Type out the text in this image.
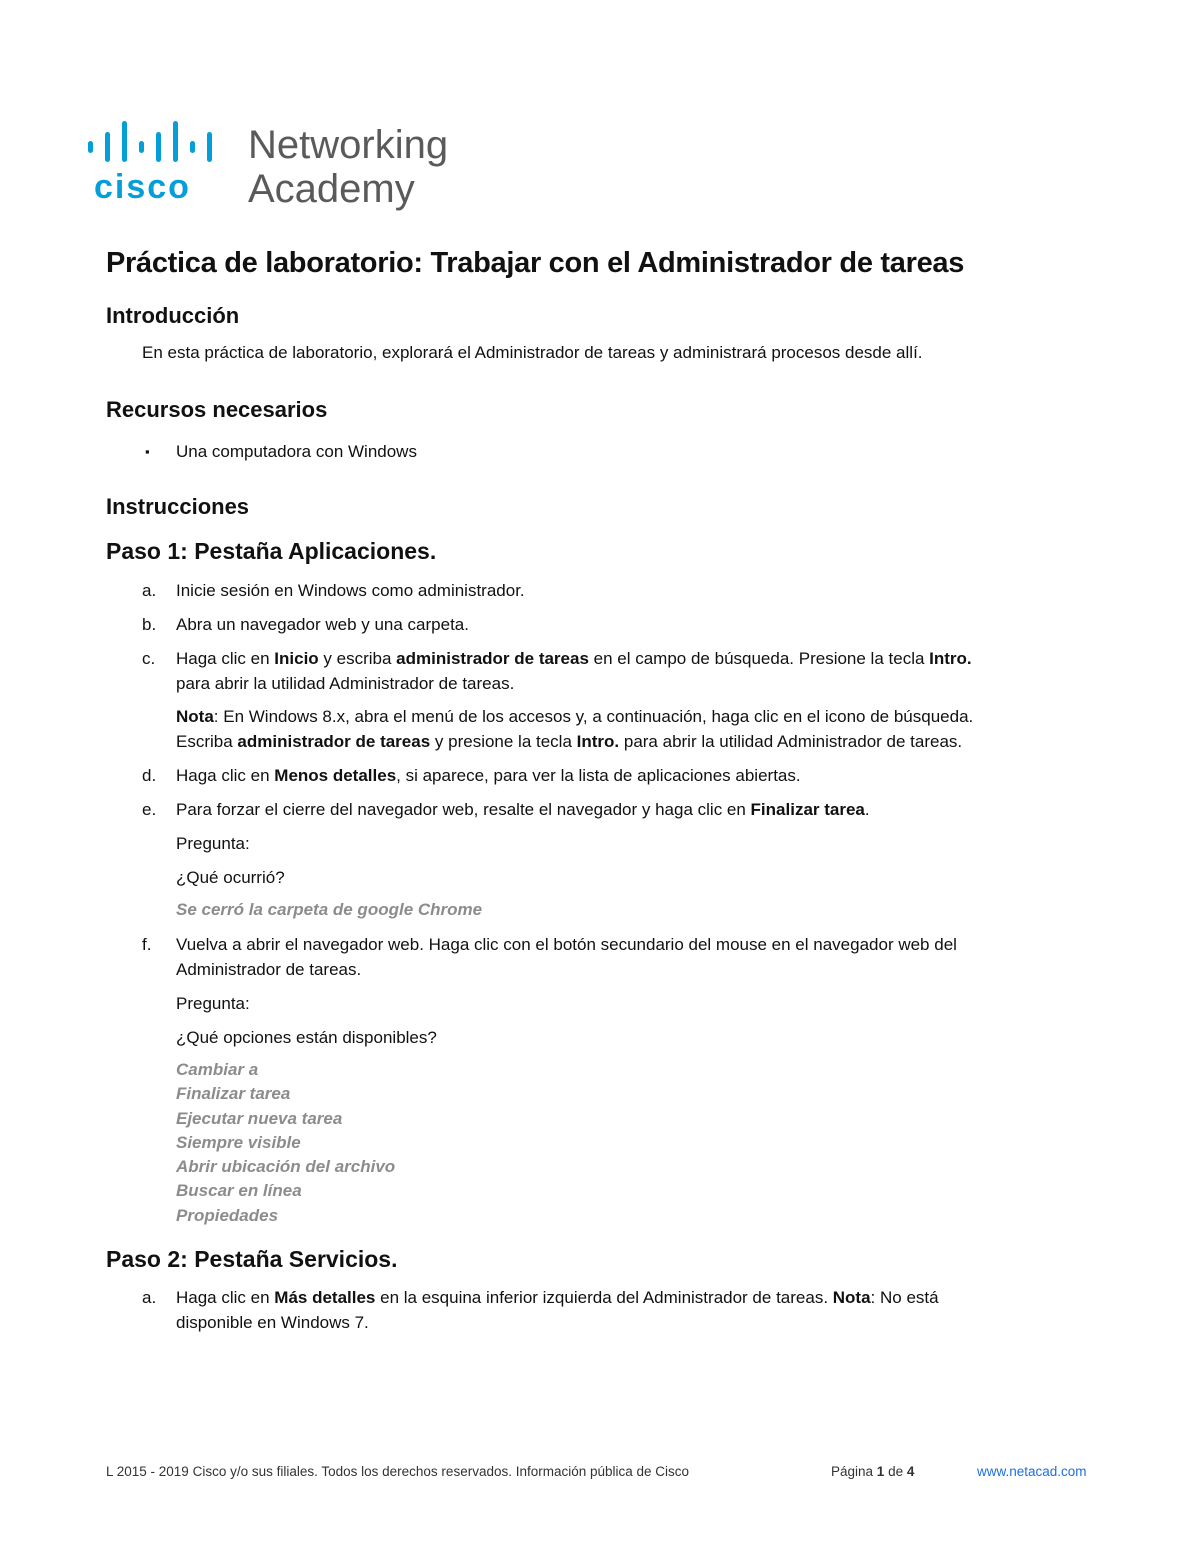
cisco
Networking
Academy
Práctica de laboratorio: Trabajar con el Administrador de tareas
Introducción
En esta práctica de laboratorio, explorará el Administrador de tareas y administrará procesos desde allí.
Recursos necesarios
▪ Una computadora con Windows
Instrucciones
Paso 1: Pestaña Aplicaciones.
a. Inicie sesión en Windows como administrador.
b. Abra un navegador web y una carpeta.
c. Haga clic en Inicio y escriba administrador de tareas en el campo de búsqueda. Presione la tecla Intro.
para abrir la utilidad Administrador de tareas.
Nota: En Windows 8.x, abra el menú de los accesos y, a continuación, haga clic en el icono de búsqueda.
Escriba administrador de tareas y presione la tecla Intro. para abrir la utilidad Administrador de tareas.
d. Haga clic en Menos detalles, si aparece, para ver la lista de aplicaciones abiertas.
e. Para forzar el cierre del navegador web, resalte el navegador y haga clic en Finalizar tarea.
Pregunta:
¿Qué ocurrió?
Se cerró la carpeta de google Chrome
f. Vuelva a abrir el navegador web. Haga clic con el botón secundario del mouse en el navegador web del
Administrador de tareas.
Pregunta:
¿Qué opciones están disponibles?
Cambiar a
Finalizar tarea
Ejecutar nueva tarea
Siempre visible
Abrir ubicación del archivo
Buscar en línea
Propiedades
Paso 2: Pestaña Servicios.
a. Haga clic en Más detalles en la esquina inferior izquierda del Administrador de tareas. Nota: No está
disponible en Windows 7.
L 2015 - 2019 Cisco y/o sus filiales. Todos los derechos reservados. Información pública de Cisco	Página 1 de 4	www.netacad.com
